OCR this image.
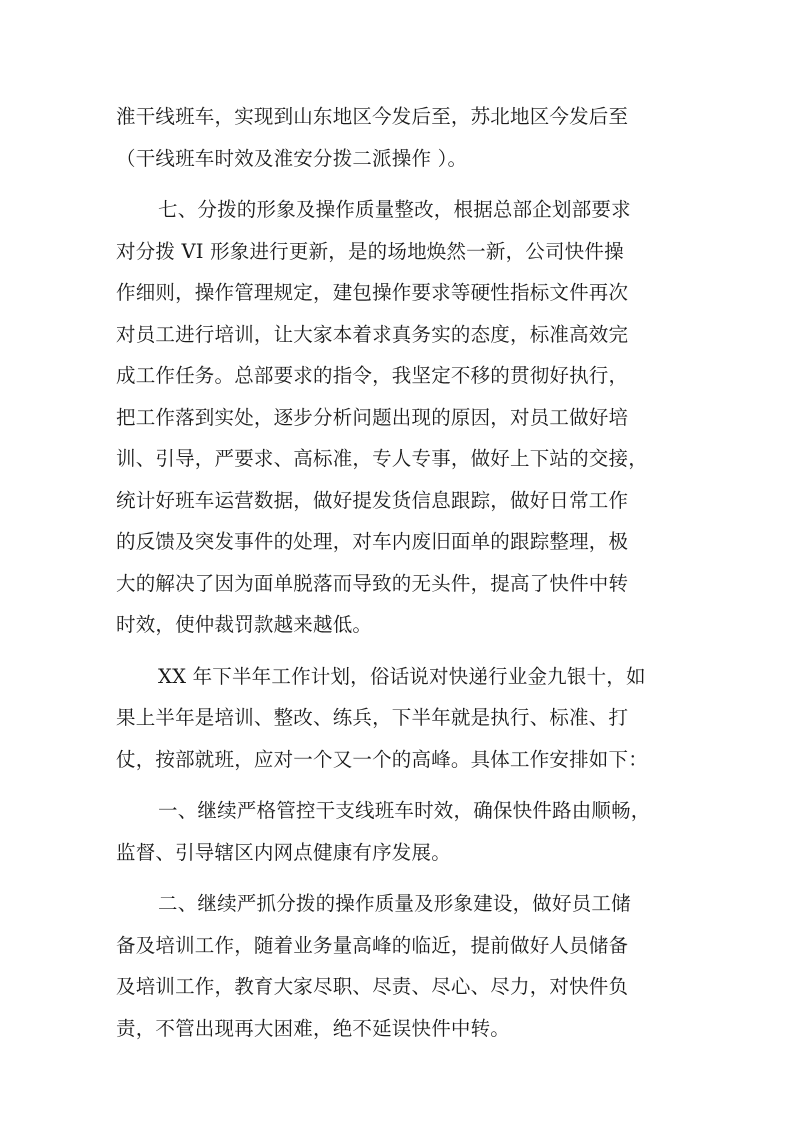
淮干线班车，实现到山东地区今发后至，苏北地区今发后至
（干线班车时效及淮安分拨二派操作 ）。
七、分拨的形象及操作质量整改，根据总部企划部要求
对分拨 VI 形象进行更新，是的场地焕然一新，公司快件操
作细则，操作管理规定，建包操作要求等硬性指标文件再次
对员工进行培训，让大家本着求真务实的态度，标准高效完
成工作任务。总部要求的指令，我坚定不移的贯彻好执行，
把工作落到实处，逐步分析问题出现的原因，对员工做好培
训、引导，严要求、高标准，专人专事，做好上下站的交接，
统计好班车运营数据，做好提发货信息跟踪，做好日常工作
的反馈及突发事件的处理，对车内废旧面单的跟踪整理，极
大的解决了因为面单脱落而导致的无头件，提高了快件中转
时效，使仲裁罚款越来越低。
XX 年下半年工作计划，俗话说对快递行业金九银十，如
果上半年是培训、整改、练兵，下半年就是执行、标准、打
仗，按部就班，应对一个又一个的高峰。具体工作安排如下：
一、继续严格管控干支线班车时效，确保快件路由顺畅，
监督、引导辖区内网点健康有序发展。
二、继续严抓分拨的操作质量及形象建设，做好员工储
备及培训工作，随着业务量高峰的临近，提前做好人员储备
及培训工作，教育大家尽职、尽责、尽心、尽力，对快件负
责，不管出现再大困难，绝不延误快件中转。
